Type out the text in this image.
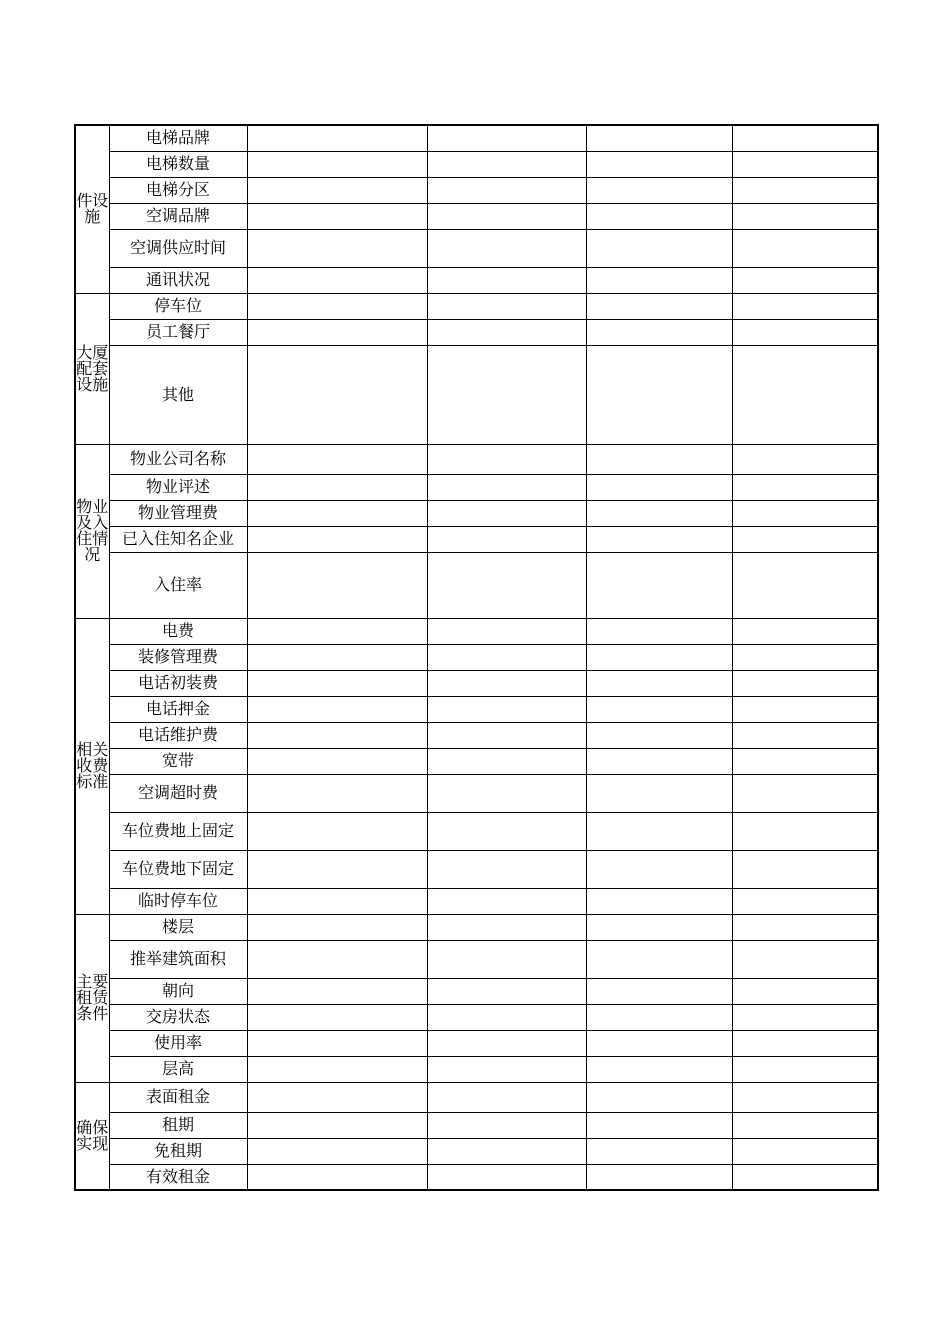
件设施	电梯品牌				
	电梯数量				
	电梯分区				
	空调品牌				
	空调供应时间				
	通讯状况				
大厦配套设施	停车位				
	员工餐厅				
	其他				
物业及入住情况	物业公司名称				
	物业评述				
	物业管理费				
	已入住知名企业				
	入住率				
相关收费标准	电费				
	装修管理费				
	电话初装费				
	电话押金				
	电话维护费				
	宽带				
	空调超时费				
	车位费地上固定				
	车位费地下固定				
	临时停车位				
主要租赁条件	楼层				
	推举建筑面积				
	朝向				
	交房状态				
	使用率				
	层高				
确保实现	表面租金				
	租期				
	免租期				
	有效租金				
